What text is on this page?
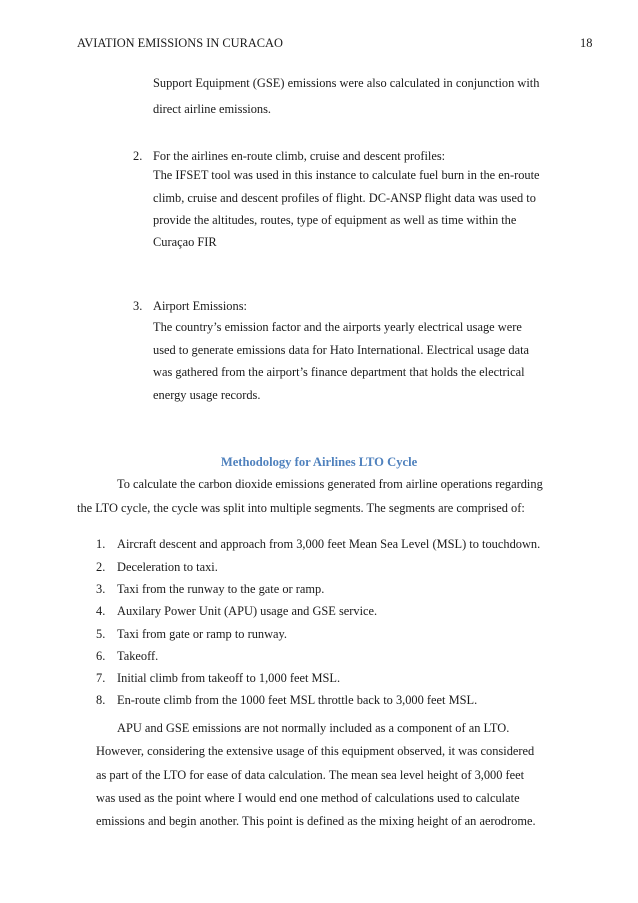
AVIATION EMISSIONS IN CURACAO	18
Support Equipment (GSE) emissions were also calculated in conjunction with
direct airline emissions.
2. For the airlines en-route climb, cruise and descent profiles:
The IFSET tool was used in this instance to calculate fuel burn in the en-route
climb, cruise and descent profiles of flight. DC-ANSP flight data was used to
provide the altitudes, routes, type of equipment as well as time within the
Curaçao FIR
3. Airport Emissions:
The country’s emission factor and the airports yearly electrical usage were
used to generate emissions data for Hato International. Electrical usage data
was gathered from the airport’s finance department that holds the electrical
energy usage records.
Methodology for Airlines LTO Cycle
To calculate the carbon dioxide emissions generated from airline operations regarding
the LTO cycle, the cycle was split into multiple segments. The segments are comprised of:
1. Aircraft descent and approach from 3,000 feet Mean Sea Level (MSL) to touchdown.
2. Deceleration to taxi.
3. Taxi from the runway to the gate or ramp.
4. Auxilary Power Unit (APU) usage and GSE service.
5. Taxi from gate or ramp to runway.
6. Takeoff.
7. Initial climb from takeoff to 1,000 feet MSL.
8. En-route climb from the 1000 feet MSL throttle back to 3,000 feet MSL.
APU and GSE emissions are not normally included as a component of an LTO.
However, considering the extensive usage of this equipment observed, it was considered
as part of the LTO for ease of data calculation. The mean sea level height of 3,000 feet
was used as the point where I would end one method of calculations used to calculate
emissions and begin another. This point is defined as the mixing height of an aerodrome.
